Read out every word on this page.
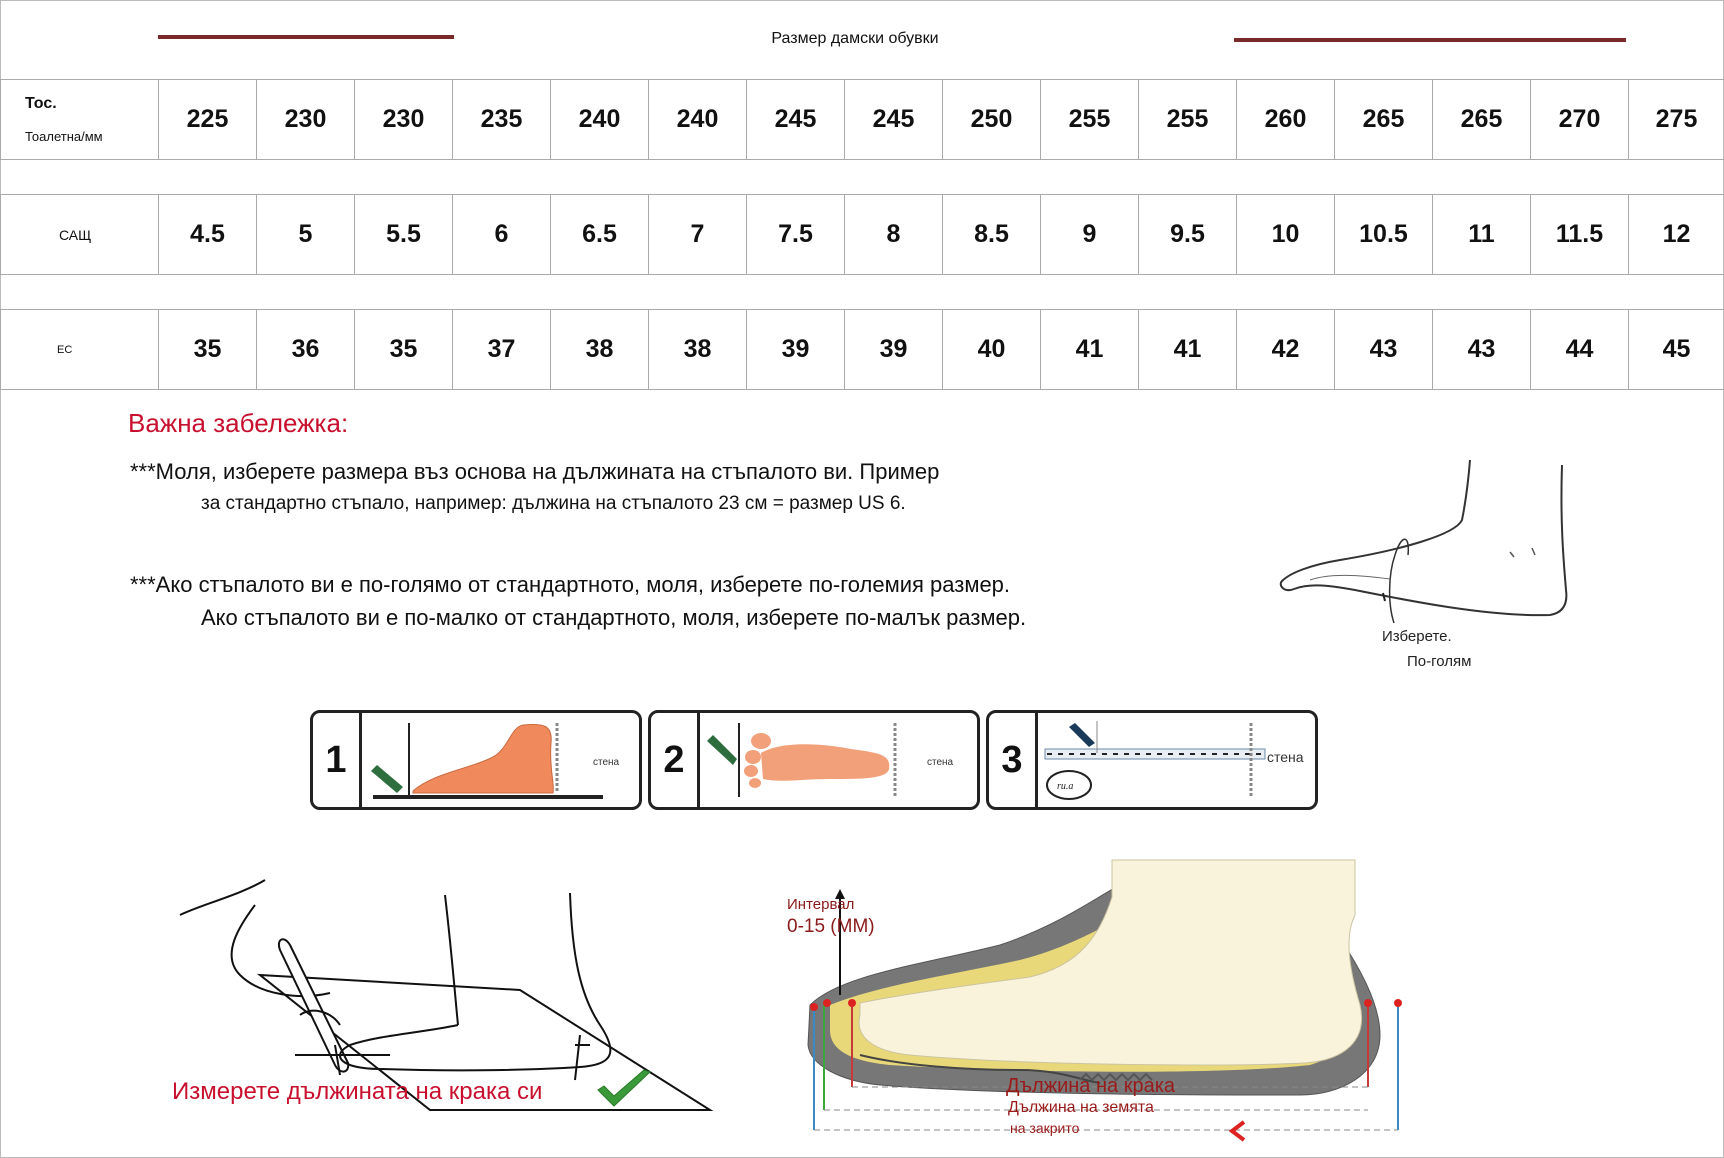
Размер дамски обувки
Тос.
Тоалетна/мм	225	230	230	235	240	240	245	245	250	255	255	260	265	265	270	275

САЩ	4.5	5	5.5	6	6.5	7	7.5	8	8.5	9	9.5	10	10.5	11	11.5	12

ЕС	35	36	35	37	38	38	39	39	40	41	41	42	43	43	44	45
Важна забележка:
***Моля, изберете размера въз основа на дължината на стъпалото ви. Пример
за стандартно стъпало, например: дължина на стъпалото 23 см = размер US 6.
***Ако стъпалото ви е по-голямо от стандартното, моля, изберете по-големия размер.
Ако стъпалото ви е по-малко от стандартното, моля, изберете по-малък размер.
Изберете.
По-голям
1	стена	2	стена	3
ru.a
стена
Измерете дължината на крака си
Интервал
0-15 (ММ)
Дължина на крака
Дължина на земята
на закрито
